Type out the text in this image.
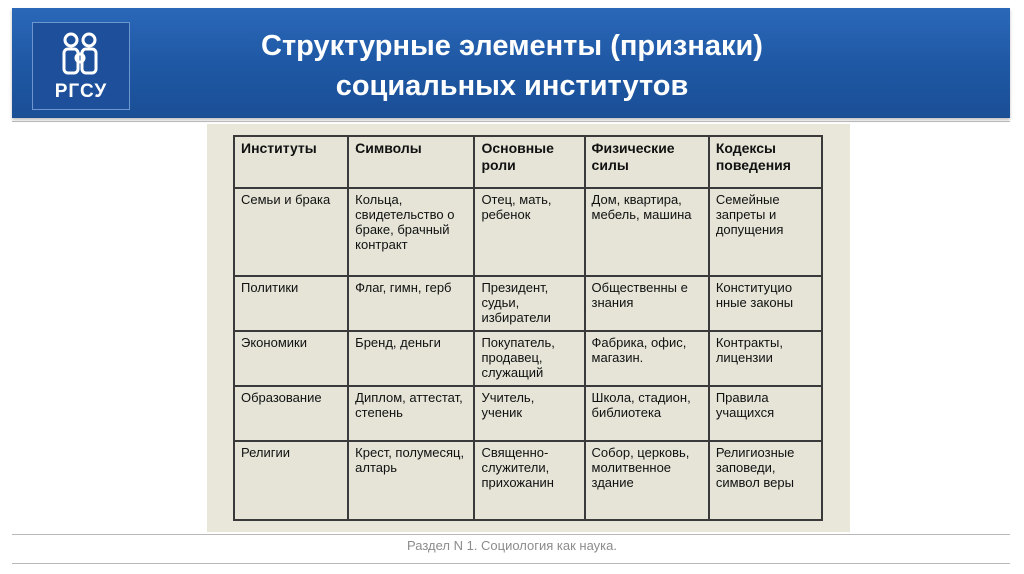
РГСУ
Структурные элементы (признаки)
социальных институтов
Институты	Символы	Основные роли	Физические силы	Кодексы поведения
Семьи и брака	Кольца, свидетельство о браке, брачный контракт	Отец, мать, ребенок	Дом, квартира, мебель, машина	Семейные запреты и допущения
Политики	Флаг, гимн, герб	Президент, судьи, избиратели	Общественны е знания	Конституцио нные законы
Экономики	Бренд, деньги	Покупатель, продавец, служащий	Фабрика, офис, магазин.	Контракты, лицензии
Образование	Диплом, аттестат, степень	Учитель, ученик	Школа, стадион, библиотека	Правила учащихся
Религии	Крест, полумесяц, алтарь	Священно-служители, прихожанин	Собор, церковь, молитвенное здание	Религиозные заповеди, символ веры
Раздел N 1. Социология как наука.
